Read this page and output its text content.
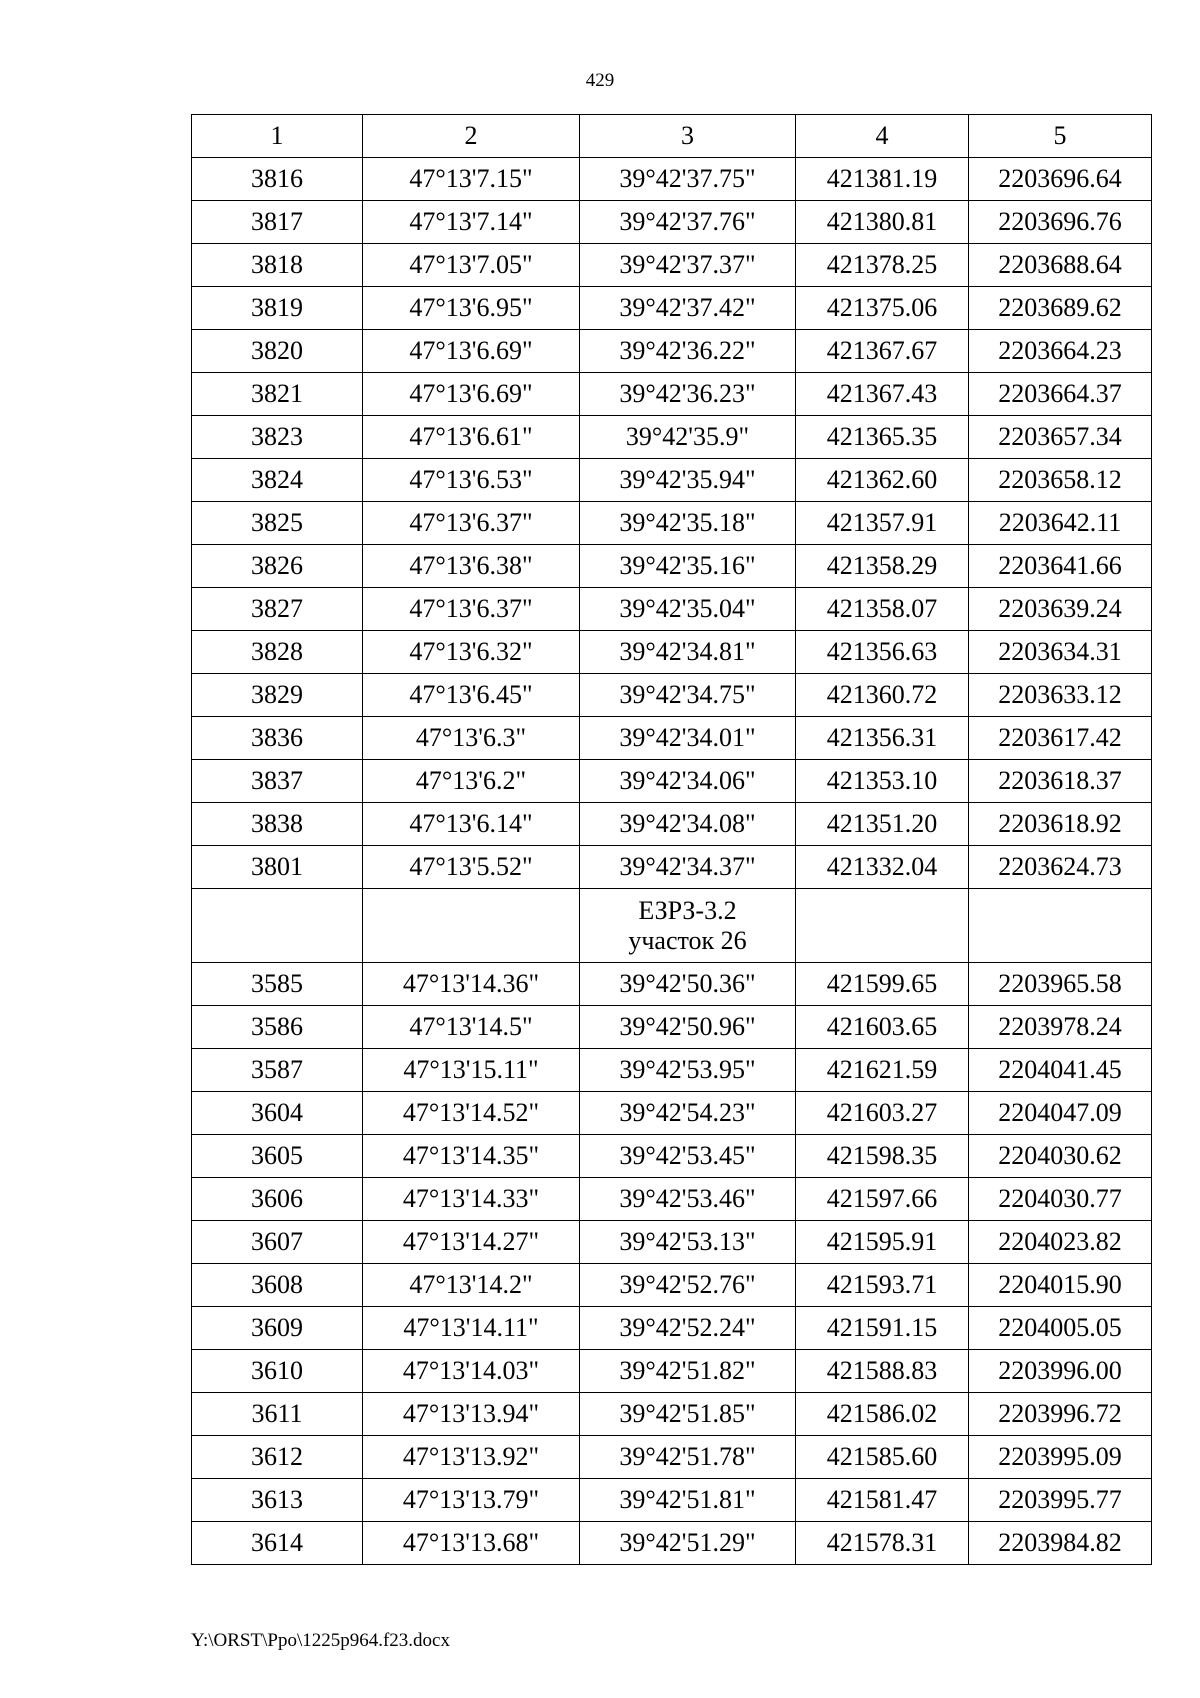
429
1	2	3	4	5
3816	47°13'7.15"	39°42'37.75"	421381.19	2203696.64
3817	47°13'7.14"	39°42'37.76"	421380.81	2203696.76
3818	47°13'7.05"	39°42'37.37"	421378.25	2203688.64
3819	47°13'6.95"	39°42'37.42"	421375.06	2203689.62
3820	47°13'6.69"	39°42'36.22"	421367.67	2203664.23
3821	47°13'6.69"	39°42'36.23"	421367.43	2203664.37
3823	47°13'6.61"	39°42'35.9"	421365.35	2203657.34
3824	47°13'6.53"	39°42'35.94"	421362.60	2203658.12
3825	47°13'6.37"	39°42'35.18"	421357.91	2203642.11
3826	47°13'6.38"	39°42'35.16"	421358.29	2203641.66
3827	47°13'6.37"	39°42'35.04"	421358.07	2203639.24
3828	47°13'6.32"	39°42'34.81"	421356.63	2203634.31
3829	47°13'6.45"	39°42'34.75"	421360.72	2203633.12
3836	47°13'6.3"	39°42'34.01"	421356.31	2203617.42
3837	47°13'6.2"	39°42'34.06"	421353.10	2203618.37
3838	47°13'6.14"	39°42'34.08"	421351.20	2203618.92
3801	47°13'5.52"	39°42'34.37"	421332.04	2203624.73

		ЕЗРЗ-3.2
участок 26		

3585	47°13'14.36"	39°42'50.36"	421599.65	2203965.58
3586	47°13'14.5"	39°42'50.96"	421603.65	2203978.24
3587	47°13'15.11"	39°42'53.95"	421621.59	2204041.45
3604	47°13'14.52"	39°42'54.23"	421603.27	2204047.09
3605	47°13'14.35"	39°42'53.45"	421598.35	2204030.62
3606	47°13'14.33"	39°42'53.46"	421597.66	2204030.77
3607	47°13'14.27"	39°42'53.13"	421595.91	2204023.82
3608	47°13'14.2"	39°42'52.76"	421593.71	2204015.90
3609	47°13'14.11"	39°42'52.24"	421591.15	2204005.05
3610	47°13'14.03"	39°42'51.82"	421588.83	2203996.00
3611	47°13'13.94"	39°42'51.85"	421586.02	2203996.72
3612	47°13'13.92"	39°42'51.78"	421585.60	2203995.09
3613	47°13'13.79"	39°42'51.81"	421581.47	2203995.77
3614	47°13'13.68"	39°42'51.29"	421578.31	2203984.82
Y:\ORST\Ppo\1225p964.f23.docx
